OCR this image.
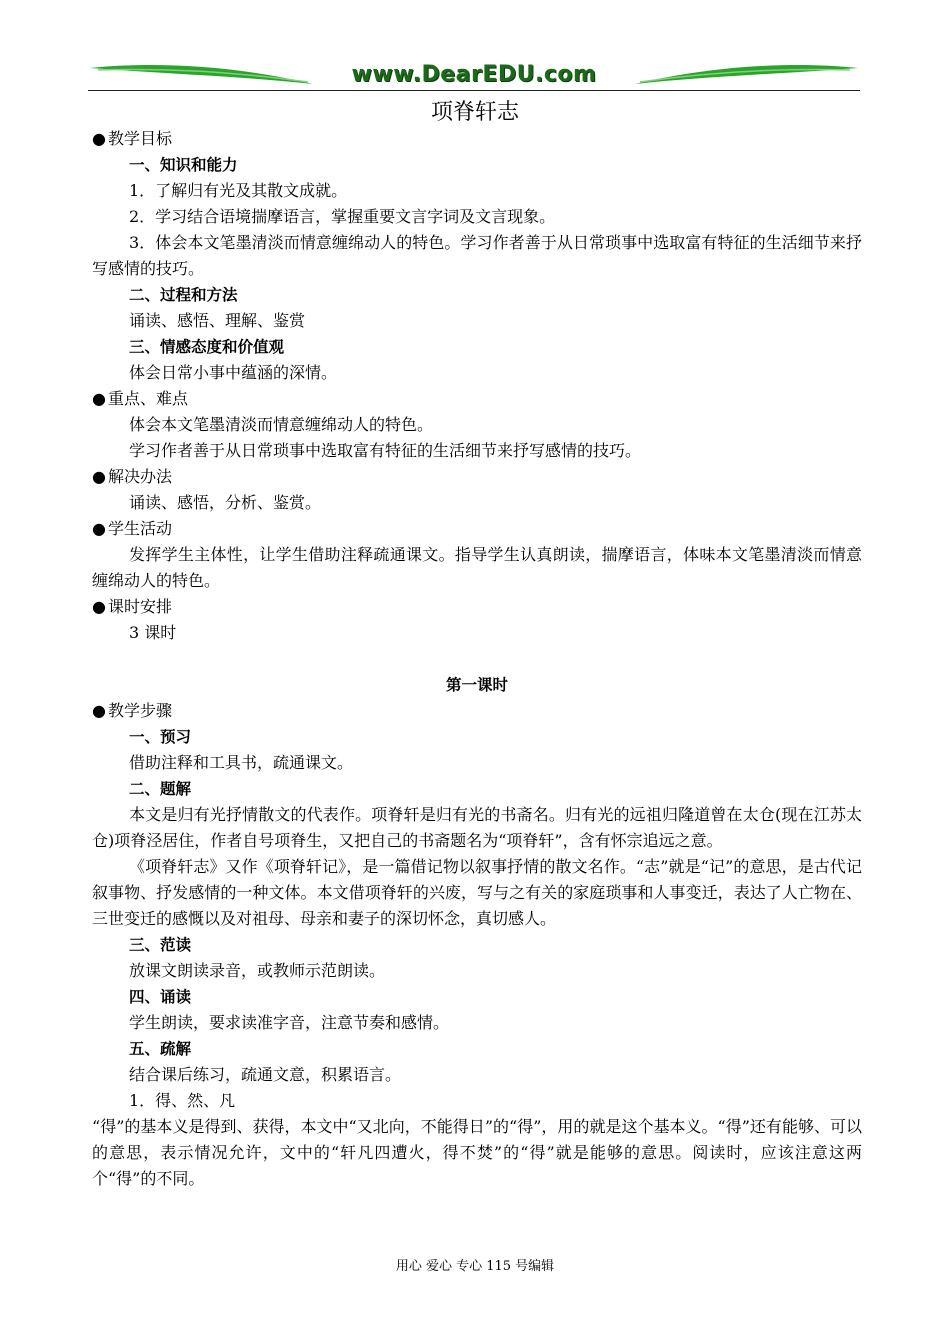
www.DearEDU.com
项脊轩志
● 教学目标
一、知识和能力
1．了解归有光及其散文成就。
2．学习结合语境揣摩语言，掌握重要文言字词及文言现象。
3．体会本文笔墨清淡而情意缠绵动人的特色。学习作者善于从日常琐事中选取富有特征的生活细节来抒写感情的技巧。
二、过程和方法
诵读、感悟、理解、鉴赏
三、情感态度和价值观
体会日常小事中蕴涵的深情。
● 重点、难点
体会本文笔墨清淡而情意缠绵动人的特色。
学习作者善于从日常琐事中选取富有特征的生活细节来抒写感情的技巧。
● 解决办法
诵读、感悟，分析、鉴赏。
● 学生活动
发挥学生主体性，让学生借助注释疏通课文。指导学生认真朗读，揣摩语言，体味本文笔墨清淡而情意缠绵动人的特色。
● 课时安排
3 课时
第一课时
● 教学步骤
一、预习
借助注释和工具书，疏通课文。
二、题解
本文是归有光抒情散文的代表作。项脊轩是归有光的书斋名。归有光的远祖归隆道曾在太仓(现在江苏太仓)项脊泾居住，作者自号项脊生，又把自己的书斋题名为“项脊轩”，含有怀宗追远之意。
《项脊轩志》又作《项脊轩记》，是一篇借记物以叙事抒情的散文名作。“志”就是“记”的意思，是古代记叙事物、抒发感情的一种文体。本文借项脊轩的兴废，写与之有关的家庭琐事和人事变迁，表达了人亡物在、三世变迁的感慨以及对祖母、母亲和妻子的深切怀念，真切感人。
三、范读
放课文朗读录音，或教师示范朗读。
四、诵读
学生朗读，要求读准字音，注意节奏和感情。
五、疏解
结合课后练习，疏通文意，积累语言。
1．得、然、凡
“得”的基本义是得到、获得，本文中“又北向，不能得日”的“得”，用的就是这个基本义。“得”还有能够、可以的意思，表示情况允许，文中的“轩凡四遭火，得不焚”的“得”就是能够的意思。阅读时，应该注意这两个“得”的不同。
用心 爱心 专心 115 号编辑
